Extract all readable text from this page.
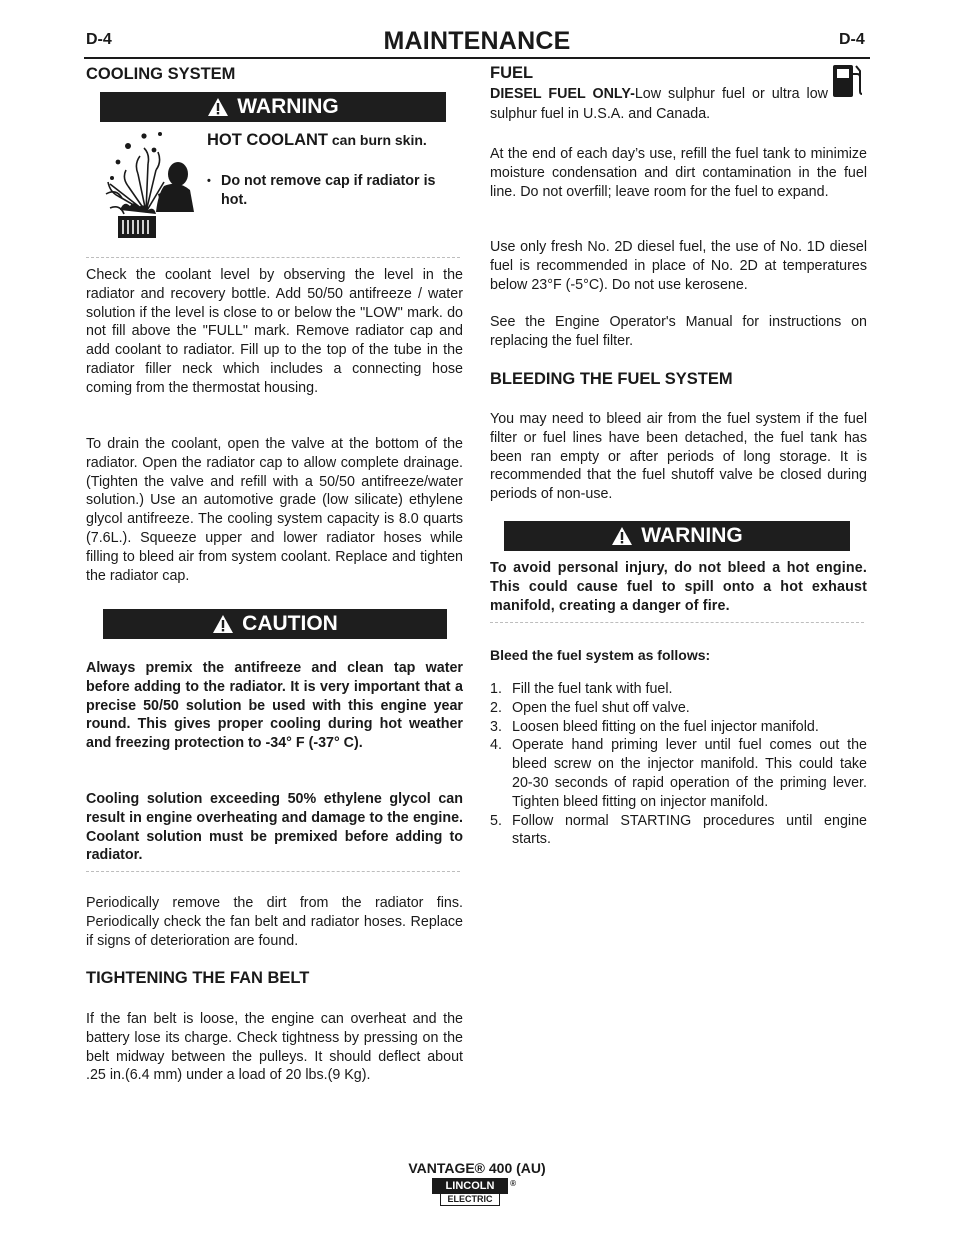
D-4	MAINTENANCE	D-4
COOLING SYSTEM
WARNING
HOT COOLANT can burn skin.
• Do not remove cap if radiator is hot.

Check the coolant level by observing the level in the radiator and recovery bottle. Add 50/50 antifreeze / water solution if the level is close to or below the "LOW" mark. do not fill above the "FULL" mark. Remove radiator cap and add coolant to radiator. Fill up to the top of the tube in the radiator filler neck which includes a connecting hose coming from the thermostat housing.

To drain the coolant, open the valve at the bottom of the radiator. Open the radiator cap to allow complete drainage. (Tighten the valve and refill with a 50/50 antifreeze/water solution.) Use an automotive grade (low silicate) ethylene glycol antifreeze. The cooling system capacity is 8.0 quarts (7.6L.). Squeeze upper and lower radiator hoses while filling to bleed air from system coolant. Replace and tighten the radiator cap.

CAUTION

Always premix the antifreeze and clean tap water before adding to the radiator. It is very important that a precise 50/50 solution be used with this engine year round. This gives proper cooling during hot weather and freezing protection to -34° F (-37° C).

Cooling solution exceeding 50% ethylene glycol can result in engine overheating and damage to the engine. Coolant solution must be premixed before adding to radiator.

Periodically remove the dirt from the radiator fins. Periodically check the fan belt and radiator hoses. Replace if signs of deterioration are found.

TIGHTENING THE FAN BELT

If the fan belt is loose, the engine can overheat and the battery lose its charge. Check tightness by pressing on the belt midway between the pulleys. It should deflect about .25 in.(6.4 mm) under a load of 20 lbs.(9 Kg).

FUEL
DIESEL FUEL ONLY-Low sulphur fuel or ultra low sulphur fuel in U.S.A. and Canada.

At the end of each day’s use, refill the fuel tank to minimize moisture condensation and dirt contamination in the fuel line. Do not overfill; leave room for the fuel to expand.

Use only fresh No. 2D diesel fuel, the use of No. 1D diesel fuel is recommended in place of No. 2D at temperatures below 23°F (-5°C). Do not use kerosene.

See the Engine Operator's Manual for instructions on replacing the fuel filter.

BLEEDING THE FUEL SYSTEM

You may need to bleed air from the fuel system if the fuel filter or fuel lines have been detached, the fuel tank has been ran empty or after periods of long storage. It is recommended that the fuel shutoff valve be closed during periods of non-use.

WARNING

To avoid personal injury, do not bleed a hot engine. This could cause fuel to spill onto a hot exhaust manifold, creating a danger of fire.

Bleed the fuel system as follows:
1. Fill the fuel tank with fuel.
2. Open the fuel shut off valve.
3. Loosen bleed fitting on the fuel injector manifold.
4. Operate hand priming lever until fuel comes out the bleed screw on the injector manifold. This could take 20-30 seconds of rapid operation of the priming lever. Tighten bleed fitting on injector manifold.
5. Follow normal STARTING procedures until engine starts.
VANTAGE® 400 (AU)
LINCOLN
ELECTRIC
®
